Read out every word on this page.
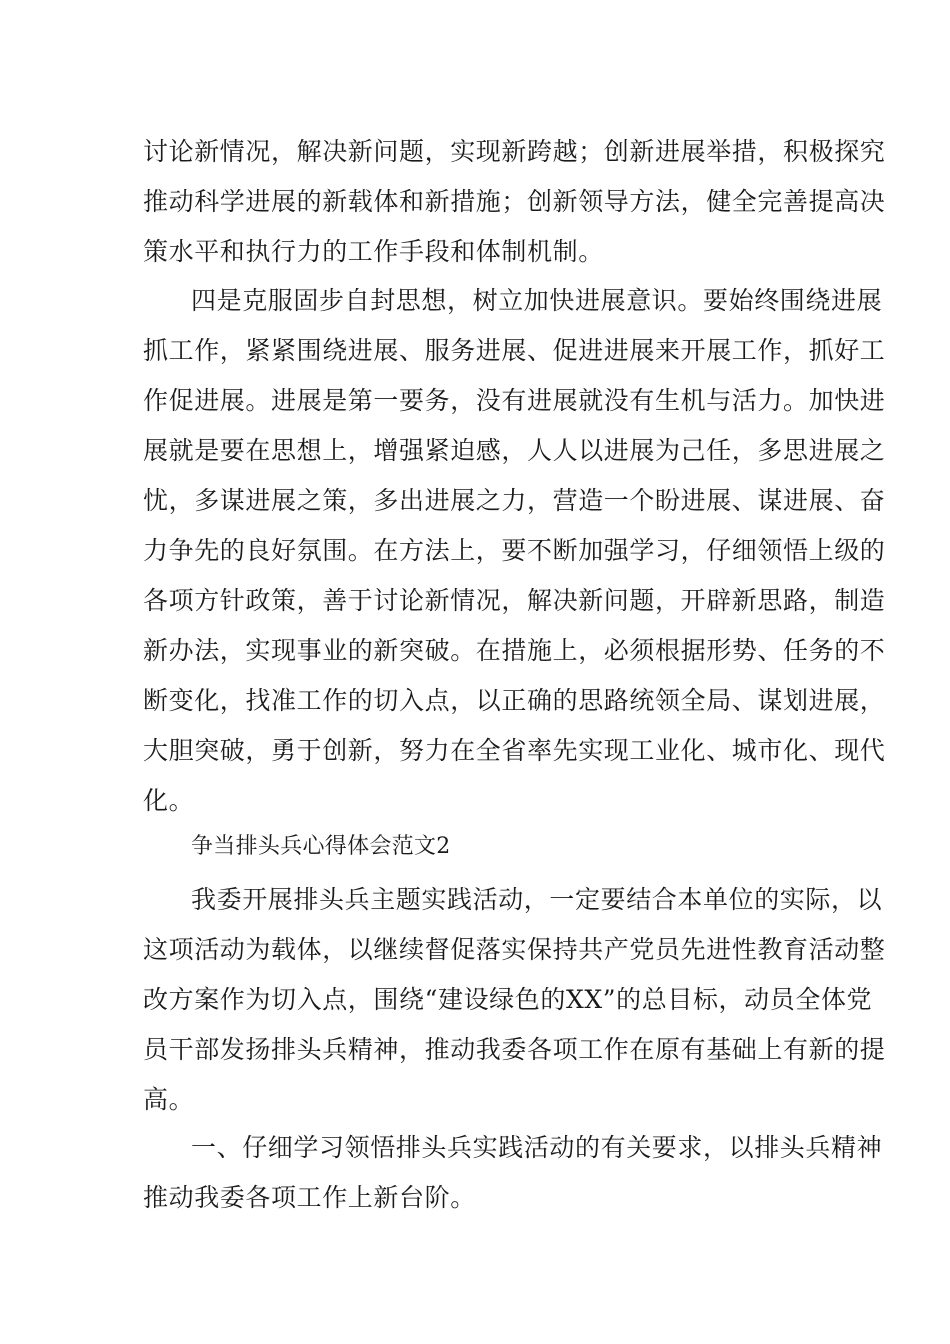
讨论新情况，解决新问题，实现新跨越；创新进展举措，积极探究
推动科学进展的新载体和新措施；创新领导方法，健全完善提高决
策水平和执行力的工作手段和体制机制。
四是克服固步自封思想，树立加快进展意识。要始终围绕进展
抓工作，紧紧围绕进展、服务进展、促进进展来开展工作，抓好工
作促进展。进展是第一要务，没有进展就没有生机与活力。加快进
展就是要在思想上，增强紧迫感，人人以进展为己任，多思进展之
忧，多谋进展之策，多出进展之力，营造一个盼进展、谋进展、奋
力争先的良好氛围。在方法上，要不断加强学习，仔细领悟上级的
各项方针政策，善于讨论新情况，解决新问题，开辟新思路，制造
新办法，实现事业的新突破。在措施上，必须根据形势、任务的不
断变化，找准工作的切入点，以正确的思路统领全局、谋划进展，
大胆突破，勇于创新，努力在全省率先实现工业化、城市化、现代
化。
争当排头兵心得体会范文2
我委开展排头兵主题实践活动，一定要结合本单位的实际，以
这项活动为载体，以继续督促落实保持共产党员先进性教育活动整
改方案作为切入点，围绕“建设绿色的XX”的总目标，动员全体党
员干部发扬排头兵精神，推动我委各项工作在原有基础上有新的提
高。
一、仔细学习领悟排头兵实践活动的有关要求，以排头兵精神
推动我委各项工作上新台阶。
